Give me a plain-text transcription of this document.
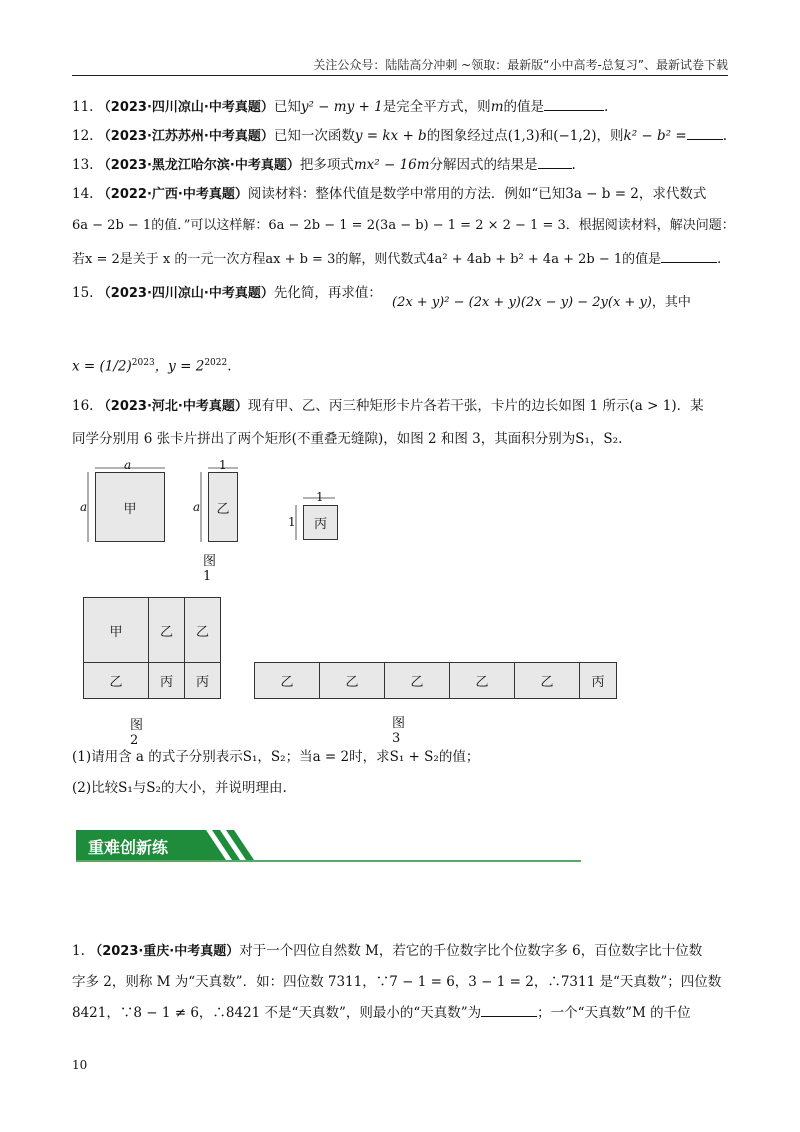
关注公众号：陆陆高分冲刺 ~领取：最新版“小中高考-总复习”、最新试卷下载
11. （2023·四川凉山·中考真题）已知y² − my + 1是完全平方式，则m的值是	.
12. （2023·江苏苏州·中考真题）已知一次函数y = kx + b的图象经过点(1,3)和(−1,2)，则k² − b² =	.
13. （2023·黑龙江哈尔滨·中考真题）把多项式mx² − 16m分解因式的结果是	.
14. （2022·广西·中考真题）阅读材料：整体代值是数学中常用的方法．例如“已知3a − b = 2，求代数式
6a − 2b − 1的值．”可以这样解：6a − 2b − 1 = 2(3a − b) − 1 = 2 × 2 − 1 = 3．根据阅读材料，解决问题：
若x = 2是关于 x 的一元一次方程ax + b = 3的解，则代数式4a² + 4ab + b² + 4a + 2b − 1的值是	.
15. （2023·四川凉山·中考真题）先化简，再求值：
(2x + y)² − (2x + y)(2x − y) − 2y(x + y)，其中
$x = (1/2)^{2023}$，$y = 2^{2022}$.
16. （2023·河北·中考真题）现有甲、乙、丙三种矩形卡片各若干张，卡片的边长如图 1 所示(a > 1)．某
同学分别用 6 张卡片拼出了两个矩形(不重叠无缝隙)，如图 2 和图 3，其面积分别为S₁，S₂.
甲
a
a	乙
1
a
丙
1
1
图　1
甲	乙 乙
乙	丙 丙
图　2
乙	乙	乙	乙	乙	丙
图　3
(1)请用含 a 的式子分别表示S₁，S₂；当a = 2时，求S₁ + S₂的值；
(2)比较S₁与S₂的大小，并说明理由.
重难创新练
1. （2023·重庆·中考真题）对于一个四位自然数 M，若它的千位数字比个位数字多 6，百位数字比十位数
字多 2，则称 M 为“天真数”．如：四位数 7311，∵7 − 1 = 6，3 − 1 = 2，∴7311 是“天真数”；四位数
8421，∵8 − 1 ≠ 6，∴8421 不是“天真数”，则最小的“天真数”为	；一个“天真数”M 的千位
10
